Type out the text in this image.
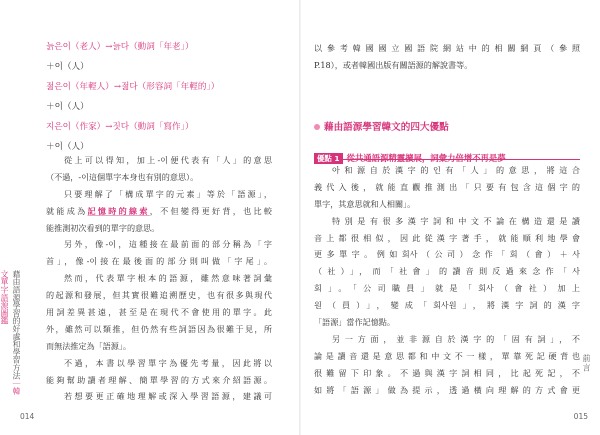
늙은이（老人）→늙다（動詞「年老」）
＋이（人）
젊은이（年輕人）→젊다（形容詞「年輕的」）
＋이（人）
지은이（作家）→짓다（動詞「寫作」）
＋이（人）
從上可以得知，加上-이便代表有「人」的意思
（不過，-이這個單字本身也有別的意思）。
只要理解了「構成單字的元素」等於「語源」，
就能成為記憶時的線索，不但變得更好背，也比較
能推測初次看到的單字的意思。
另外，像-이，這種接在最前面的部分稱為「字
首」，像-이接在最後面的部分則叫做「字尾」。
然而，代表單字根本的語源，雖然意味著詞彙
的起源和發展，但其實很難追溯歷史，也有很多與現代
用詞差異甚遠，甚至是在現代不會使用的單字。此
外，雖然可以類推，但仍然有些詞語因為很難于見，所
而無法推定為「語源」。
不過，本書以學習單字為優先考量，因此將以
能夠幫助讀者理解、簡單學習的方式來介紹語源。
若想要更正確地理解或深入學習語源，建議可
藉由語源學習的好處和學習方法｜韓文單字語源圖鑑
014
以參考韓國國立國語院網站中的相關網頁（參照
P.18），或者韓國出版有關語源的解說書等。
藉由語源學習韓文的四大優點
優點 1 從共通語源精靈擴展，詞彙力倍增不再是夢
아和源自於漢字的인有「人」的意思，將這合
義代入後，就能直觀推測出「只要有包含這個字的
單字，其意思就和人相關」。
特別是有很多漢字詞和中文不論在構造還是讀
音上都很相似，因此從漢字著手，就能順利地學會
更多單字。例如회사（公司）念作「회（會）＋사
（社）」，而「社會」的讀音則反過來念作「사
회」。「公司職員」就是「회사（會社）加上
원（員）」，變成「회사원」，將漢字詞的漢字
「語源」當作記憶點。
另一方面，並非源自於漢字的「固有詞」，不
論是讀音還是意思都和中文不一樣，單靠死記硬背也
很難留下印象。不過與漢字詞相同，比起死記，不
如將「語源」做為提示，透過橫向理解的方式會更
前言
015
